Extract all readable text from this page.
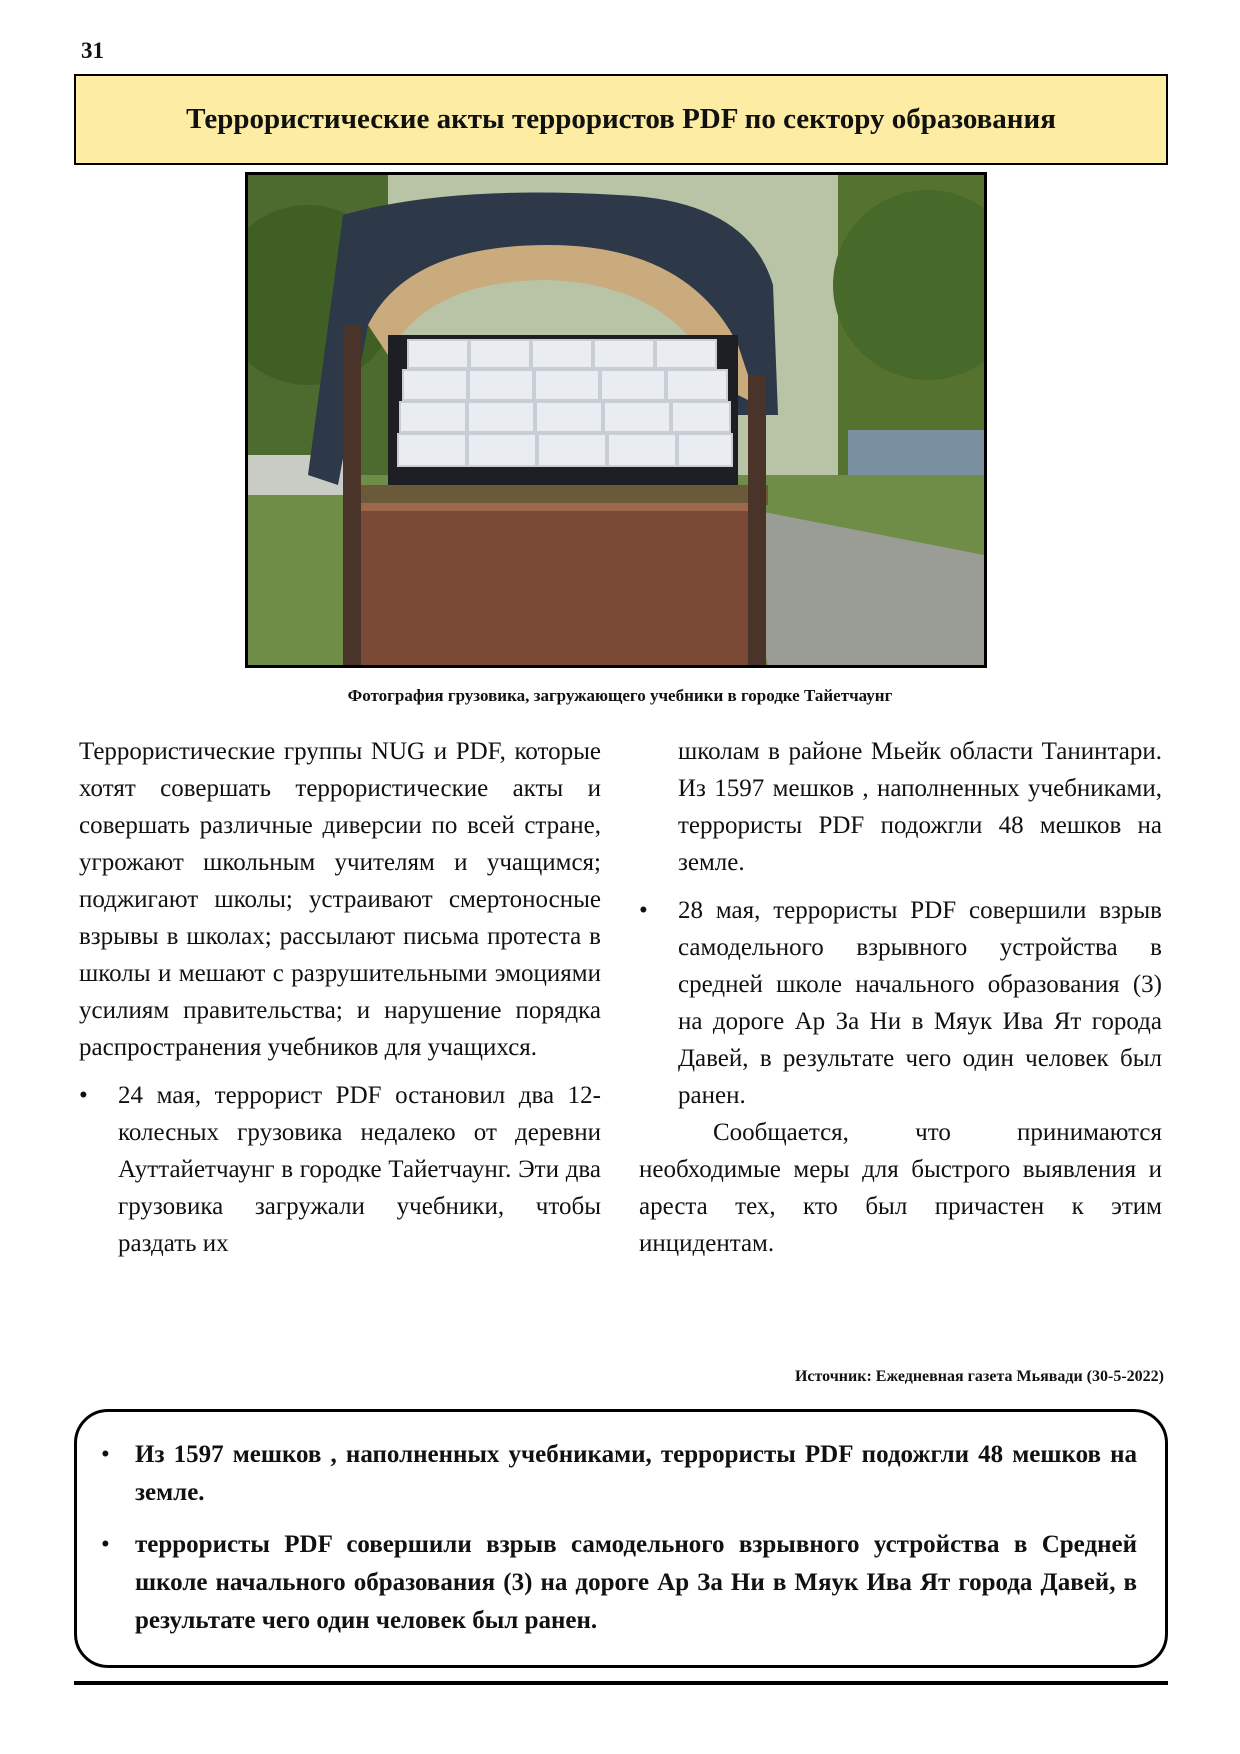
31
Террористические акты террористов PDF по сектору образования
Фотография грузовика, загружающего учебники в городке Тайетчаунг

Террористические группы NUG и PDF, которые хотят совершать террористические акты и совершать различные диверсии по всей стране, угрожают школьным учителям и учащимся; поджигают школы; устраивают смертоносные взрывы в школах; рассылают письма протеста в школы и мешают с разрушительными эмоциями усилиям правительства; и нарушение порядка распространения учебников для учащихся.

• 24 мая, террорист PDF остановил два 12-колесных грузовика недалеко от деревни Ауттайетчаунг в городке Тайетчаунг. Эти два грузовика загружали учебники, чтобы раздать их

школам в районе Мьейк области Танинтари. Из 1597 мешков , наполненных учебниками, террористы PDF подожгли 48 мешков на земле.

• 28 мая, террористы PDF совершили взрыв самодельного взрывного устройства в средней школе начального образования (3) на дороге Ар За Ни в Мяук Ива Ят города Давей, в результате чего один человек был ранен.

Сообщается, что принимаются необходимые меры для быстрого выявления и ареста тех, кто был причастен к этим инцидентам.

Источник: Ежедневная газета Мьявади (30-5-2022)
• Из 1597 мешков , наполненных учебниками, террористы PDF подожгли 48 мешков на земле.
• террористы PDF совершили взрыв самодельного взрывного устройства в Средней школе начального образования (3) на дороге Ар За Ни в Мяук Ива Ят города Давей, в результате чего один человек был ранен.
